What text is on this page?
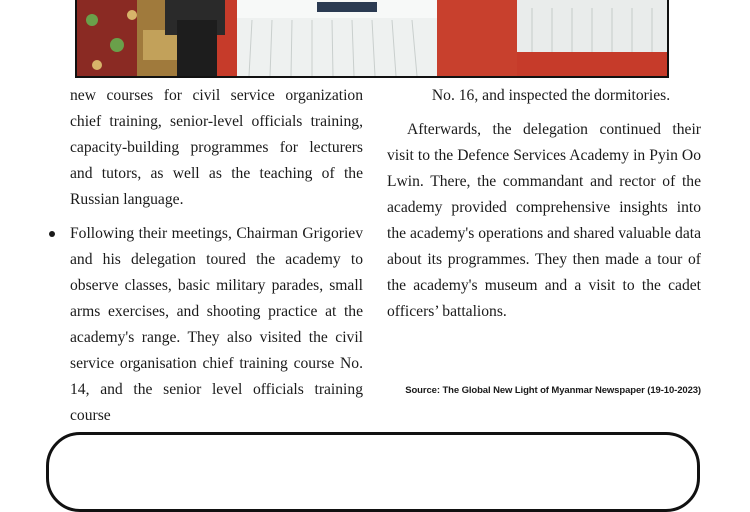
new courses for civil service organization chief training, senior-level officials training, capacity-building programmes for lecturers and tutors, as well as the teaching of the Russian language.

Following their meetings, Chairman Grigoriev and his delegation toured the academy to observe classes, basic military parades, small arms exercises, and shooting practice at the academy's range. They also visited the civil service organisation chief training course No. 14, and the senior level officials training course

No. 16, and inspected the dormitories.

Afterwards, the delegation continued their visit to the Defence Services Academy in Pyin Oo Lwin. There, the commandant and rector of the academy provided comprehensive insights into the academy's operations and shared valuable data about its programmes. They then made a tour of the academy's museum and a visit to the cadet officers’ battalions.

Source: The Global New Light of Myanmar Newspaper (19-10-2023)
